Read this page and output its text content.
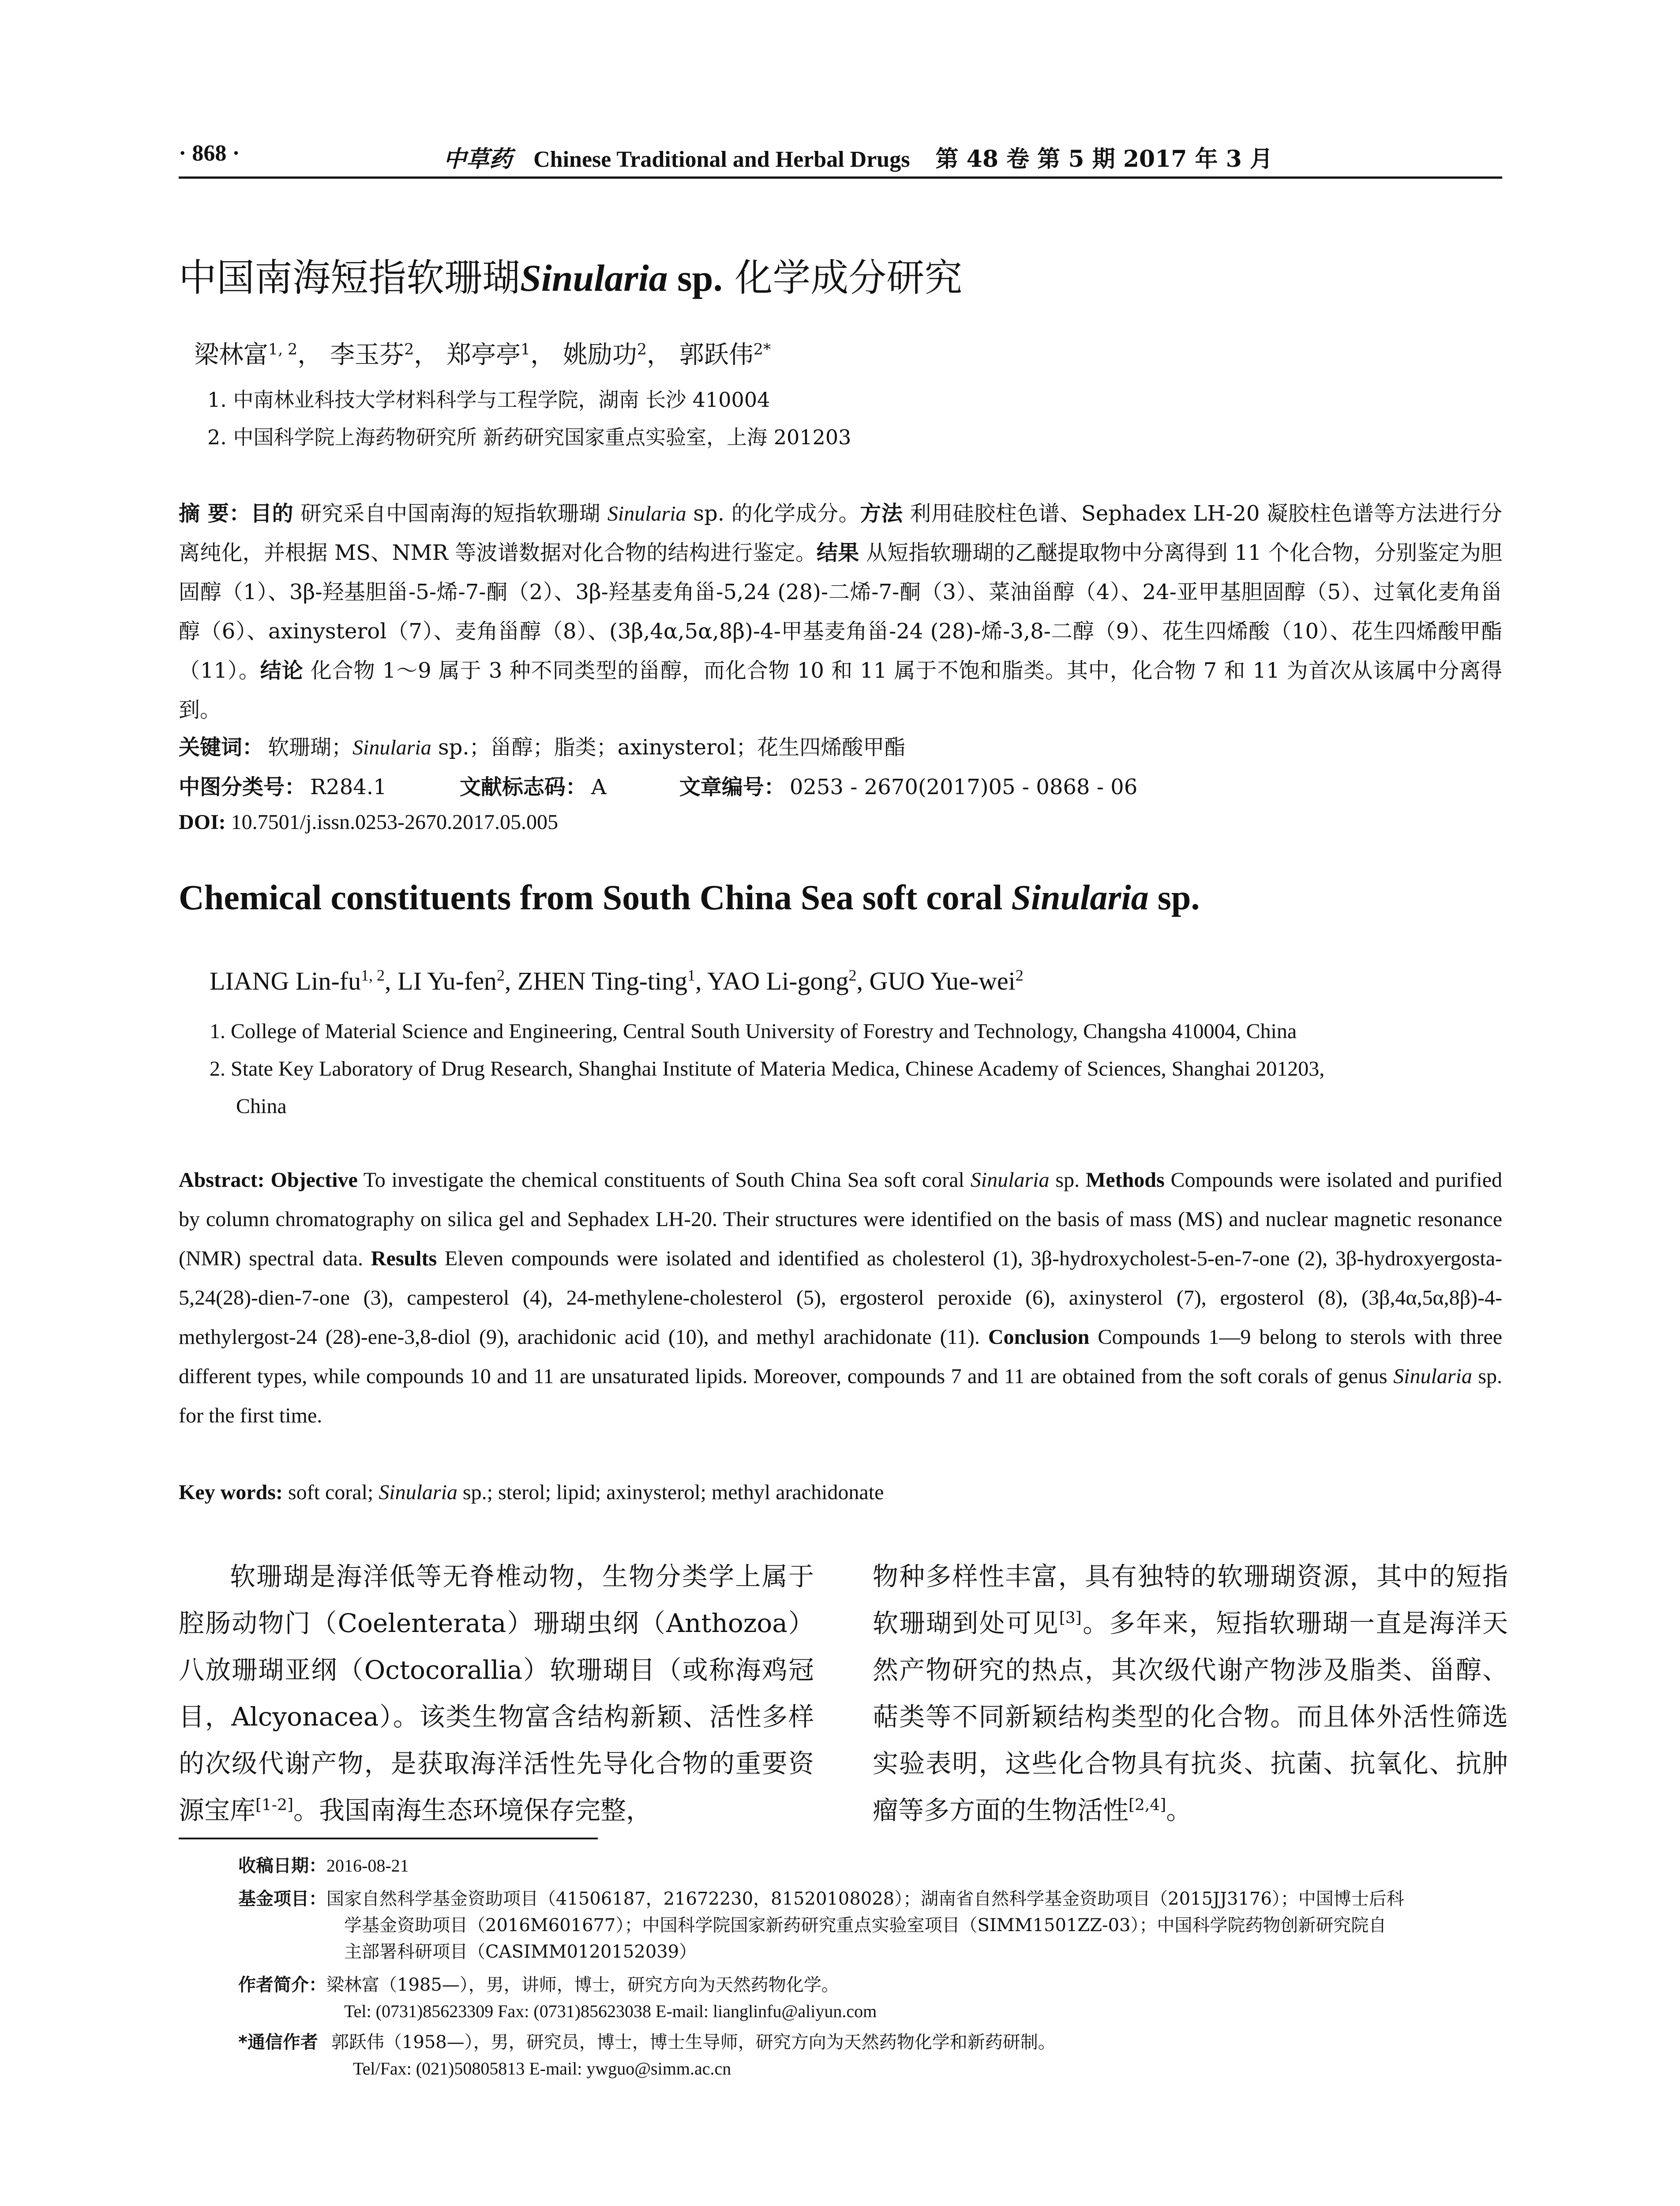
· 868 ·	中草药 Chinese Traditional and Herbal Drugs 第 48 卷 第 5 期 2017 年 3 月
中国南海短指软珊瑚Sinularia sp. 化学成分研究
梁林富$^{1, 2}$， 李玉芬$^2$， 郑亭亭$^1$， 姚励功$^2$， 郭跃伟$^{2*}$
1. 中南林业科技大学材料科学与工程学院，湖南 长沙 410004
2. 中国科学院上海药物研究所 新药研究国家重点实验室，上海 201203
摘 要：目的 研究采自中国南海的短指软珊瑚 Sinularia sp. 的化学成分。方法 利用硅胶柱色谱、Sephadex LH-20 凝胶柱色谱等方法进行分离纯化，并根据 MS、NMR 等波谱数据对化合物的结构进行鉴定。结果 从短指软珊瑚的乙醚提取物中分离得到 11 个化合物，分别鉴定为胆固醇（1）、3β-羟基胆甾-5-烯-7-酮（2）、3β-羟基麦角甾-5,24 (28)-二烯-7-酮（3）、菜油甾醇（4）、24-亚甲基胆固醇（5）、过氧化麦角甾醇（6）、axinysterol（7）、麦角甾醇（8）、(3β,4α,5α,8β)-4-甲基麦角甾-24 (28)-烯-3,8-二醇（9）、花生四烯酸（10）、花生四烯酸甲酯（11）。结论 化合物 1～9 属于 3 种不同类型的甾醇，而化合物 10 和 11 属于不饱和脂类。其中，化合物 7 和 11 为首次从该属中分离得到。
关键词： 软珊瑚；Sinularia sp.；甾醇；脂类；axinysterol；花生四烯酸甲酯
中图分类号： R284.1	文献标志码： A	文章编号： 0253 - 2670(2017)05 - 0868 - 06
DOI: 10.7501/j.issn.0253-2670.2017.05.005
Chemical constituents from South China Sea soft coral Sinularia sp.
LIANG Lin-fu$^{1, 2}$, LI Yu-fen$^2$, ZHEN Ting-ting$^1$, YAO Li-gong$^2$, GUO Yue-wei$^2$
1. College of Material Science and Engineering, Central South University of Forestry and Technology, Changsha 410004, China
2. State Key Laboratory of Drug Research, Shanghai Institute of Materia Medica, Chinese Academy of Sciences, Shanghai 201203,
China
Abstract: Objective To investigate the chemical constituents of South China Sea soft coral Sinularia sp. Methods Compounds were isolated and purified by column chromatography on silica gel and Sephadex LH-20. Their structures were identified on the basis of mass (MS) and nuclear magnetic resonance (NMR) spectral data. Results Eleven compounds were isolated and identified as cholesterol (1), 3β-hydroxycholest-5-en-7-one (2), 3β-hydroxyergosta-5,24(28)-dien-7-one (3), campesterol (4), 24-methylene-cholesterol (5), ergosterol peroxide (6), axinysterol (7), ergosterol (8), (3β,4α,5α,8β)-4-methylergost-24 (28)-ene-3,8-diol (9), arachidonic acid (10), and methyl arachidonate (11). Conclusion Compounds 1—9 belong to sterols with three different types, while compounds 10 and 11 are unsaturated lipids. Moreover, compounds 7 and 11 are obtained from the soft corals of genus Sinularia sp. for the first time.
Key words: soft coral; Sinularia sp.; sterol; lipid; axinysterol; methyl arachidonate
软珊瑚是海洋低等无脊椎动物，生物分类学上属于腔肠动物门（Coelenterata）珊瑚虫纲（Anthozoa）八放珊瑚亚纲（Octocorallia）软珊瑚目（或称海鸡冠目，Alcyonacea）。该类生物富含结构新颖、活性多样的次级代谢产物，是获取海洋活性先导化合物的重要资源宝库[1-2]。我国南海生态环境保存完整，
物种多样性丰富，具有独特的软珊瑚资源，其中的短指软珊瑚到处可见[3]。多年来，短指软珊瑚一直是海洋天然产物研究的热点，其次级代谢产物涉及脂类、甾醇、萜类等不同新颖结构类型的化合物。而且体外活性筛选实验表明，这些化合物具有抗炎、抗菌、抗氧化、抗肿瘤等多方面的生物活性[2,4]。
收稿日期：2016-08-21
基金项目：国家自然科学基金资助项目（41506187，21672230，81520108028）；湖南省自然科学基金资助项目（2015JJ3176）；中国博士后科
学基金资助项目（2016M601677）；中国科学院国家新药研究重点实验室项目（SIMM1501ZZ-03）；中国科学院药物创新研究院自
主部署科研项目（CASIMM0120152039）
作者简介：梁林富（1985—），男，讲师，博士，研究方向为天然药物化学。
Tel: (0731)85623309 Fax: (0731)85623038 E-mail: lianglinfu@aliyun.com
*通信作者 郭跃伟（1958—），男，研究员，博士，博士生导师，研究方向为天然药物化学和新药研制。
Tel/Fax: (021)50805813 E-mail: ywguo@simm.ac.cn
